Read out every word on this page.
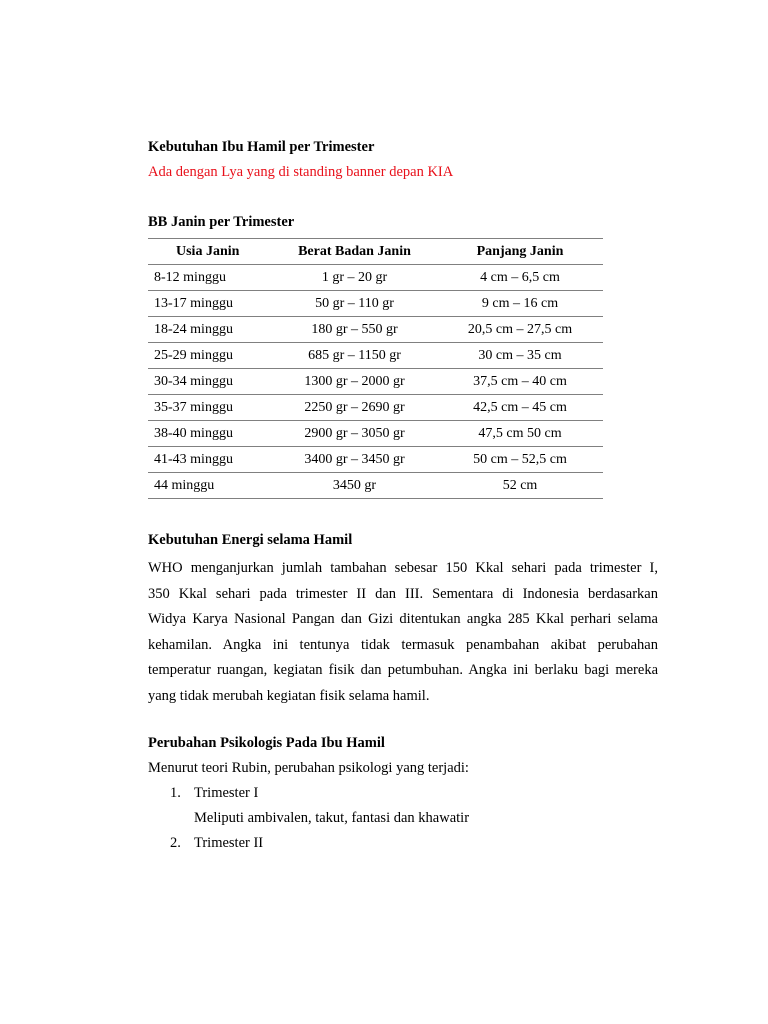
Kebutuhan Ibu Hamil per Trimester
Ada dengan Lya yang di standing banner depan KIA
BB Janin per Trimester
Usia Janin	Berat Badan Janin	Panjang Janin
8-12 minggu	1 gr – 20 gr	4 cm – 6,5 cm
13-17 minggu	50 gr – 110 gr	9 cm – 16 cm
18-24 minggu	180 gr – 550 gr	20,5 cm – 27,5 cm
25-29 minggu	685 gr – 1150 gr	30 cm – 35 cm
30-34 minggu	1300 gr – 2000 gr	37,5 cm – 40 cm
35-37 minggu	2250 gr – 2690 gr	42,5 cm – 45 cm
38-40 minggu	2900 gr – 3050 gr	47,5 cm 50 cm
41-43 minggu	3400 gr – 3450 gr	50 cm – 52,5 cm
44 minggu	3450 gr	52 cm
Kebutuhan Energi selama Hamil
WHO menganjurkan jumlah tambahan sebesar 150 Kkal sehari pada trimester I,
350 Kkal sehari pada trimester II dan III. Sementara di Indonesia berdasarkan
Widya Karya Nasional Pangan dan Gizi ditentukan angka 285 Kkal perhari selama
kehamilan. Angka ini tentunya tidak termasuk penambahan akibat perubahan
temperatur ruangan, kegiatan fisik dan petumbuhan. Angka ini berlaku bagi mereka
yang tidak merubah kegiatan fisik selama hamil.
Perubahan Psikologis Pada Ibu Hamil
Menurut teori Rubin, perubahan psikologi yang terjadi:
1. Trimester I
Meliputi ambivalen, takut, fantasi dan khawatir
2. Trimester II
